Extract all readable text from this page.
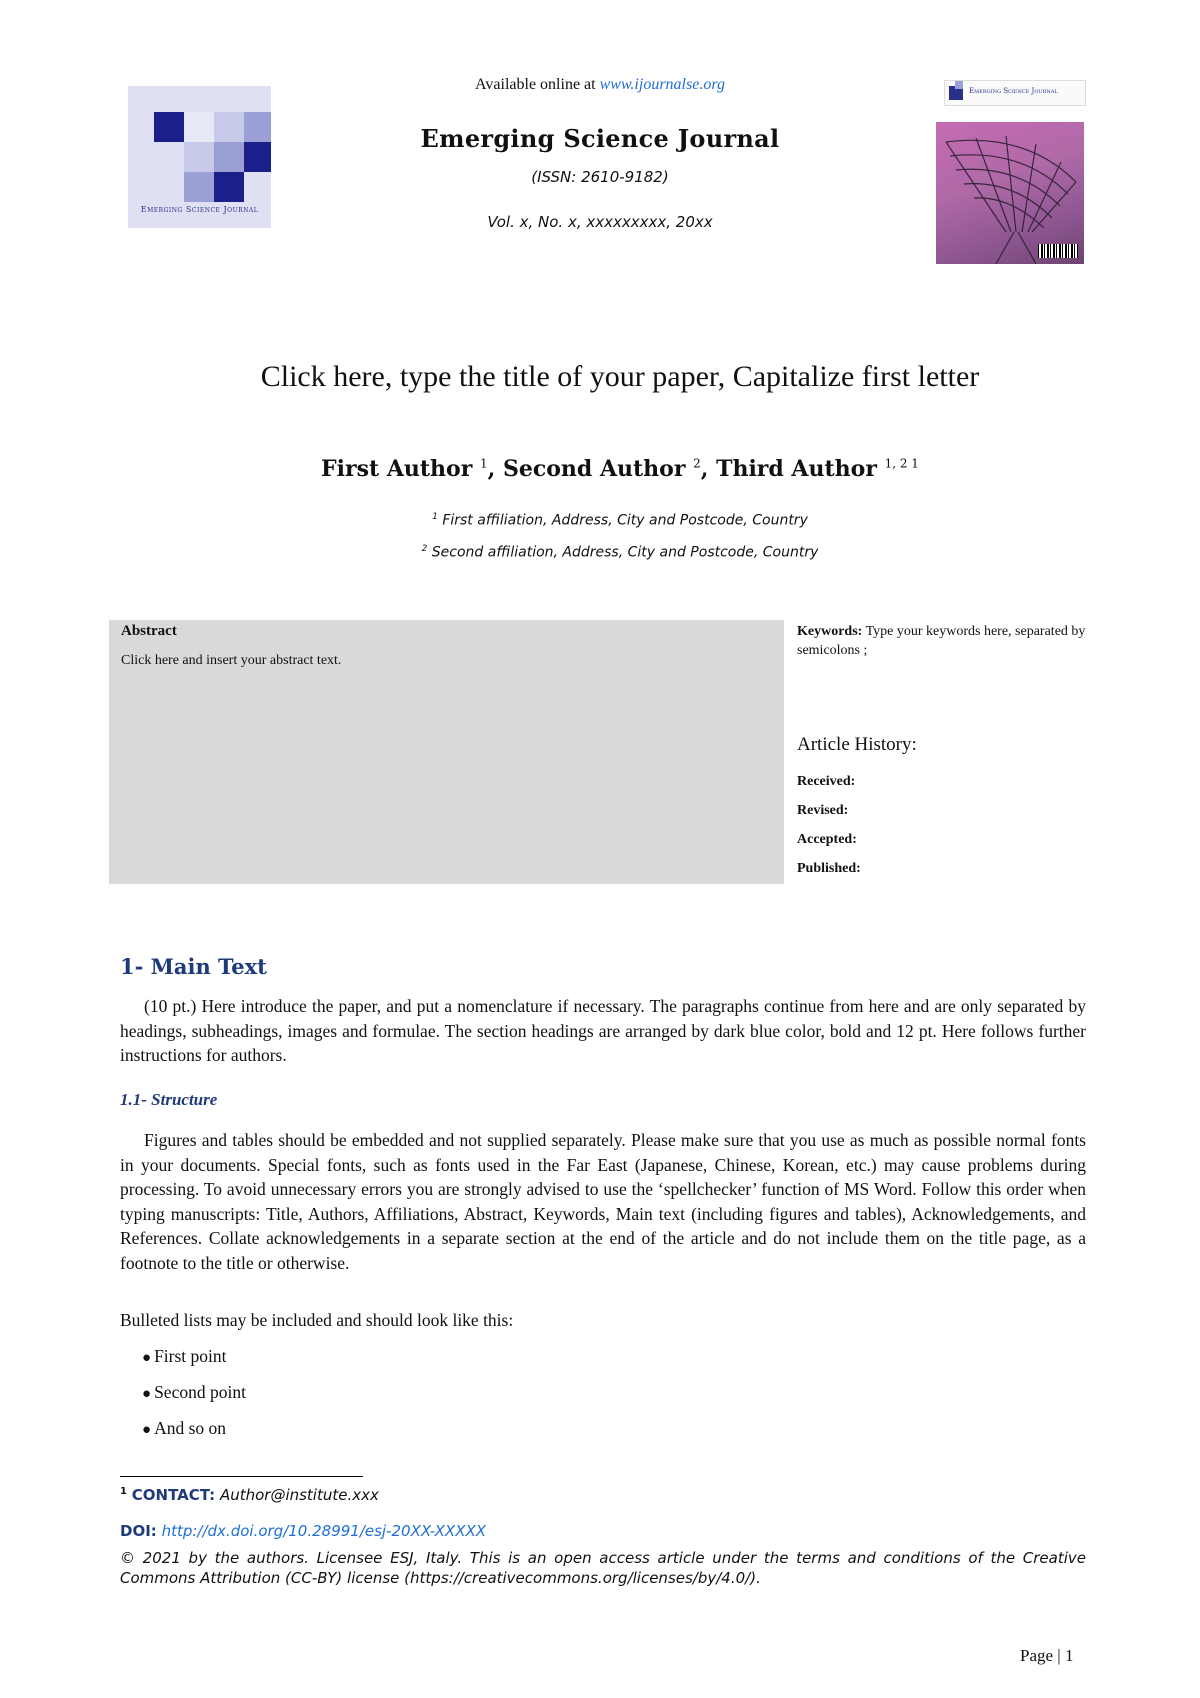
Emerging Science Journal
Available online at www.ijournalse.org
Emerging Science Journal
(ISSN: 2610-9182)
Vol. x, No. x, xxxxxxxxx, 20xx
Emerging Science Journal
Click here, type the title of your paper, Capitalize first letter
First Author $^1$, Second Author $^2$, Third Author $^{1, 2 1}$
$^1$ First affiliation, Address, City and Postcode, Country
$^2$ Second affiliation, Address, City and Postcode, Country
Abstract
Click here and insert your abstract text.
Keywords: Type your keywords here, separated by semicolons ;
Article History:
Received:
Revised:
Accepted:
Published:
1- Main Text
(10 pt.) Here introduce the paper, and put a nomenclature if necessary. The paragraphs continue from here and are only separated by headings, subheadings, images and formulae. The section headings are arranged by dark blue color, bold and 12 pt. Here follows further instructions for authors.
1.1- Structure
Figures and tables should be embedded and not supplied separately. Please make sure that you use as much as possible normal fonts in your documents. Special fonts, such as fonts used in the Far East (Japanese, Chinese, Korean, etc.) may cause problems during processing. To avoid unnecessary errors you are strongly advised to use the ‘spellchecker’ function of MS Word. Follow this order when typing manuscripts: Title, Authors, Affiliations, Abstract, Keywords, Main text (including figures and tables), Acknowledgements, and References. Collate acknowledgements in a separate section at the end of the article and do not include them on the title page, as a footnote to the title or otherwise.
Bulleted lists may be included and should look like this:
● First point
● Second point
● And so on
$^1$ CONTACT: Author@institute.xxx
DOI: http://dx.doi.org/10.28991/esj-20XX-XXXXX
© 2021 by the authors. Licensee ESJ, Italy. This is an open access article under the terms and conditions of the Creative Commons Attribution (CC-BY) license (https://creativecommons.org/licenses/by/4.0/).
Page | 1
